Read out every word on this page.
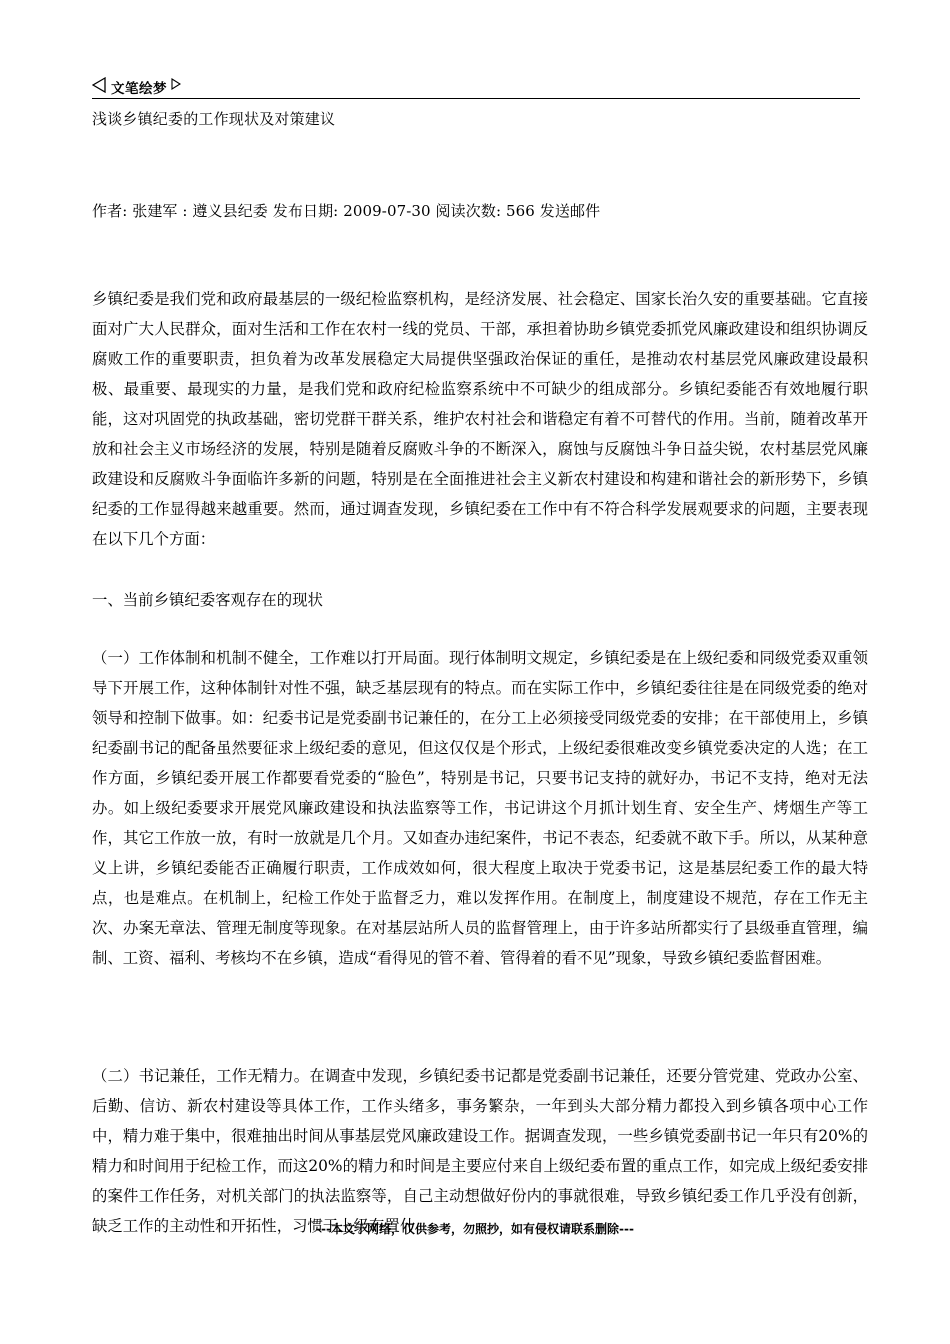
文笔绘梦
浅谈乡镇纪委的工作现状及对策建议
作者: 张建军 : 遵义县纪委 发布日期: 2009-07-30 阅读次数: 566 发送邮件

乡镇纪委是我们党和政府最基层的一级纪检监察机构，是经济发展、社会稳定、国家长治久安的重要基础。它直接面对广大人民群众，面对生活和工作在农村一线的党员、干部，承担着协助乡镇党委抓党风廉政建设和组织协调反腐败工作的重要职责，担负着为改革发展稳定大局提供坚强政治保证的重任，是推动农村基层党风廉政建设最积极、最重要、最现实的力量，是我们党和政府纪检监察系统中不可缺少的组成部分。乡镇纪委能否有效地履行职能，这对巩固党的执政基础，密切党群干群关系，维护农村社会和谐稳定有着不可替代的作用。当前，随着改革开放和社会主义市场经济的发展，特别是随着反腐败斗争的不断深入，腐蚀与反腐蚀斗争日益尖锐，农村基层党风廉政建设和反腐败斗争面临许多新的问题，特别是在全面推进社会主义新农村建设和构建和谐社会的新形势下，乡镇纪委的工作显得越来越重要。然而，通过调查发现，乡镇纪委在工作中有不符合科学发展观要求的问题，主要表现在以下几个方面：

一、当前乡镇纪委客观存在的现状

（一）工作体制和机制不健全，工作难以打开局面。现行体制明文规定，乡镇纪委是在上级纪委和同级党委双重领导下开展工作，这种体制针对性不强，缺乏基层现有的特点。而在实际工作中，乡镇纪委往往是在同级党委的绝对领导和控制下做事。如：纪委书记是党委副书记兼任的，在分工上必须接受同级党委的安排；在干部使用上，乡镇纪委副书记的配备虽然要征求上级纪委的意见，但这仅仅是个形式，上级纪委很难改变乡镇党委决定的人选；在工作方面，乡镇纪委开展工作都要看党委的“脸色”，特别是书记，只要书记支持的就好办，书记不支持，绝对无法办。如上级纪委要求开展党风廉政建设和执法监察等工作，书记讲这个月抓计划生育、安全生产、烤烟生产等工作，其它工作放一放，有时一放就是几个月。又如查办违纪案件，书记不表态，纪委就不敢下手。所以，从某种意义上讲，乡镇纪委能否正确履行职责，工作成效如何，很大程度上取决于党委书记，这是基层纪委工作的最大特点，也是难点。在机制上，纪检工作处于监督乏力，难以发挥作用。在制度上，制度建设不规范，存在工作无主次、办案无章法、管理无制度等现象。在对基层站所人员的监督管理上，由于许多站所都实行了县级垂直管理，编制、工资、福利、考核均不在乡镇，造成“看得见的管不着、管得着的看不见”现象，导致乡镇纪委监督困难。

（二）书记兼任，工作无精力。在调查中发现，乡镇纪委书记都是党委副书记兼任，还要分管党建、党政办公室、后勤、信访、新农村建设等具体工作，工作头绪多，事务繁杂，一年到头大部分精力都投入到乡镇各项中心工作中，精力难于集中，很难抽出时间从事基层党风廉政建设工作。据调查发现，一些乡镇党委副书记一年只有20%的精力和时间用于纪检工作，而这20%的精力和时间是主要应付来自上级纪委布置的重点工作，如完成上级纪委安排的案件工作任务，对机关部门的执法监察等，自己主动想做好份内的事就很难，导致乡镇纪委工作几乎没有创新，缺乏工作的主动性和开拓性，习惯于上级布置什

---本文于网络，仅供参考，勿照抄，如有侵权请联系删除---
